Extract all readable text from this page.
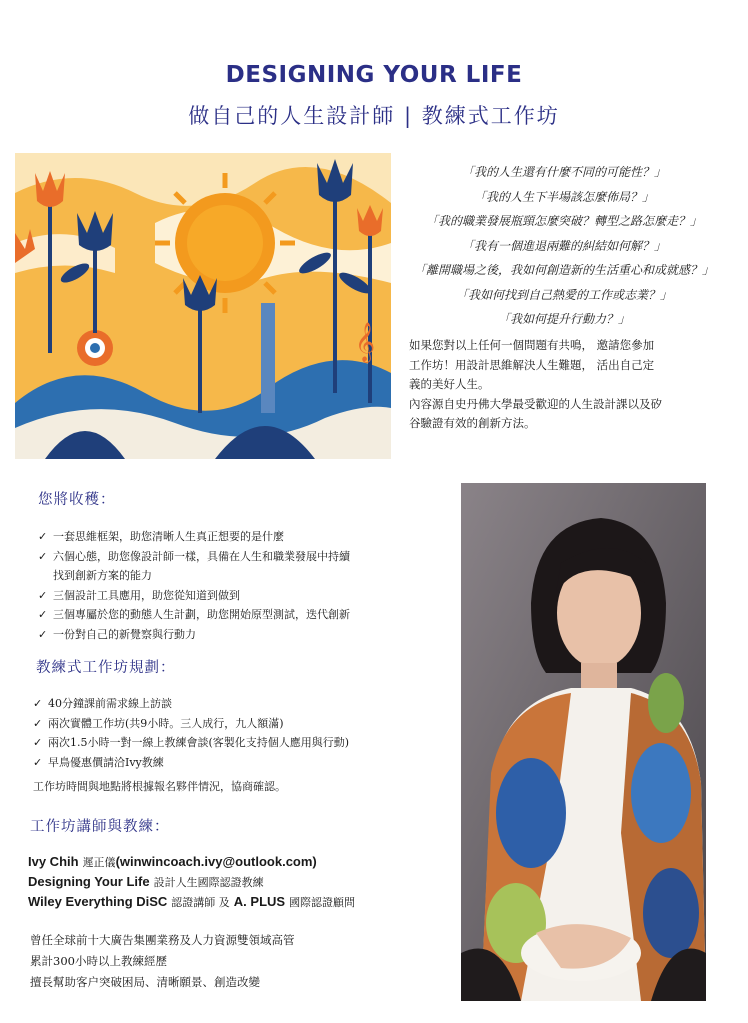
DESIGNING YOUR LIFE
做自己的人生設計師 | 教練式工作坊
𝄞
「我的人生還有什麼不同的可能性？」
「我的人生下半場該怎麼佈局？」
「我的職業發展瓶頸怎麼突破？轉型之路怎麼走？」
「我有一個進退兩難的糾結如何解？」
「離開職場之後，我如何創造新的生活重心和成就感？」
「我如何找到自己熱愛的工作或志業？」
「我如何提升行動力？」
如果您對以上任何一個問題有共鳴， 邀請您參加
工作坊！用設計思維解決人生難題， 活出自己定
義的美好人生。
內容源自史丹佛大學最受歡迎的人生設計課以及矽
谷驗證有效的創新方法。
您將收穫：
✓ 一套思維框架，助您清晰人生真正想要的是什麼
✓ 六個心態，助您像設計師一樣，具備在人生和職業發展中持續
找到創新方案的能力
✓ 三個設計工具應用，助您從知道到做到
✓ 三個專屬於您的動態人生計劃，助您開始原型測試，迭代創新
✓ 一份對自己的新覺察與行動力
教練式工作坊規劃：
✓ 40分鐘課前需求線上訪談
✓ 兩次實體工作坊(共9小時。三人成行，九人額滿)
✓ 兩次1.5小時一對一線上教練會談(客製化支持個人應用與行動)
✓ 早鳥優惠價請洽Ivy教練
工作坊時間與地點將根據報名夥伴情況，協商確認。
工作坊講師與教練：
Ivy Chih 遲正儀(winwincoach.ivy@outlook.com)
Designing Your Life 設計人生國際認證教練
Wiley Everything DiSC 認證講師 及 A. PLUS 國際認證顧問
曾任全球前十大廣告集團業務及人力資源雙領域高管
累計300小時以上教練經歷
擅長幫助客户突破困局、清晰願景、創造改變
